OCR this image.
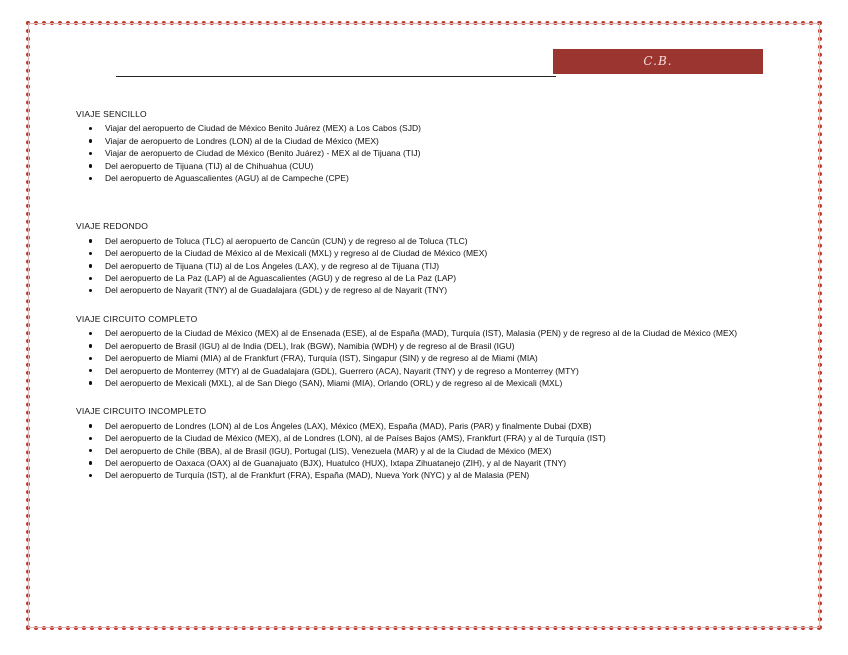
C.B.
VIAJE SENCILLO
Viajar del aeropuerto de Ciudad de México Benito Juárez (MEX) a Los Cabos (SJD)
Viajar de aeropuerto de Londres (LON) al de la Ciudad de México (MEX)
Viajar de aeropuerto de Ciudad de México (Benito Juárez) - MEX al de Tijuana (TIJ)
Del aeropuerto de Tijuana (TIJ) al de Chihuahua (CUU)
Del aeropuerto de Aguascalientes (AGU) al de Campeche (CPE)
VIAJE REDONDO
Del aeropuerto de Toluca (TLC) al aeropuerto de Cancún (CUN) y de regreso al de Toluca (TLC)
Del aeropuerto de la Ciudad de México al de Mexicali (MXL) y regreso al de Ciudad de México (MEX)
Del aeropuerto de Tijuana (TIJ) al de Los Ángeles (LAX), y de regreso al de Tijuana (TIJ)
Del aeropuerto de La Paz (LAP) al de Aguascalientes (AGU) y de regreso al de La Paz (LAP)
Del aeropuerto de Nayarit (TNY) al de Guadalajara (GDL) y de regreso al de Nayarit (TNY)
VIAJE CIRCUITO COMPLETO
Del aeropuerto de la Ciudad de México (MEX) al de Ensenada (ESE), al de España (MAD), Turquía (IST), Malasia (PEN) y de regreso al de la Ciudad de México (MEX)
Del aeropuerto de Brasil (IGU) al de India (DEL), Irak (BGW), Namibia (WDH) y de regreso al de Brasil (IGU)
Del aeropuerto de Miami (MIA) al de Frankfurt (FRA), Turquía (IST), Singapur (SIN) y de regreso al de Miami (MIA)
Del aeropuerto de Monterrey (MTY) al de Guadalajara (GDL), Guerrero (ACA), Nayarit (TNY) y de regreso a Monterrey (MTY)
Del aeropuerto de Mexicali (MXL), al de San Diego (SAN), Miami (MIA), Orlando (ORL) y de regreso al de Mexicali (MXL)
VIAJE CIRCUITO INCOMPLETO
Del aeropuerto de Londres (LON) al de Los Ángeles (LAX), México (MEX), España (MAD), Paris (PAR) y finalmente Dubai (DXB)
Del aeropuerto de la Ciudad de México (MEX), al de Londres (LON), al de Países Bajos (AMS), Frankfurt (FRA) y al de Turquía (IST)
Del aeropuerto de Chile (BBA), al de Brasil (IGU), Portugal (LIS), Venezuela (MAR) y al de la Ciudad de México (MEX)
Del aeropuerto de Oaxaca (OAX) al de Guanajuato (BJX), Huatulco (HUX), Ixtapa Zihuatanejo (ZIH), y al de Nayarit (TNY)
Del aeropuerto de Turquía (IST), al de Frankfurt (FRA), España (MAD), Nueva York (NYC) y al de Malasia (PEN)
